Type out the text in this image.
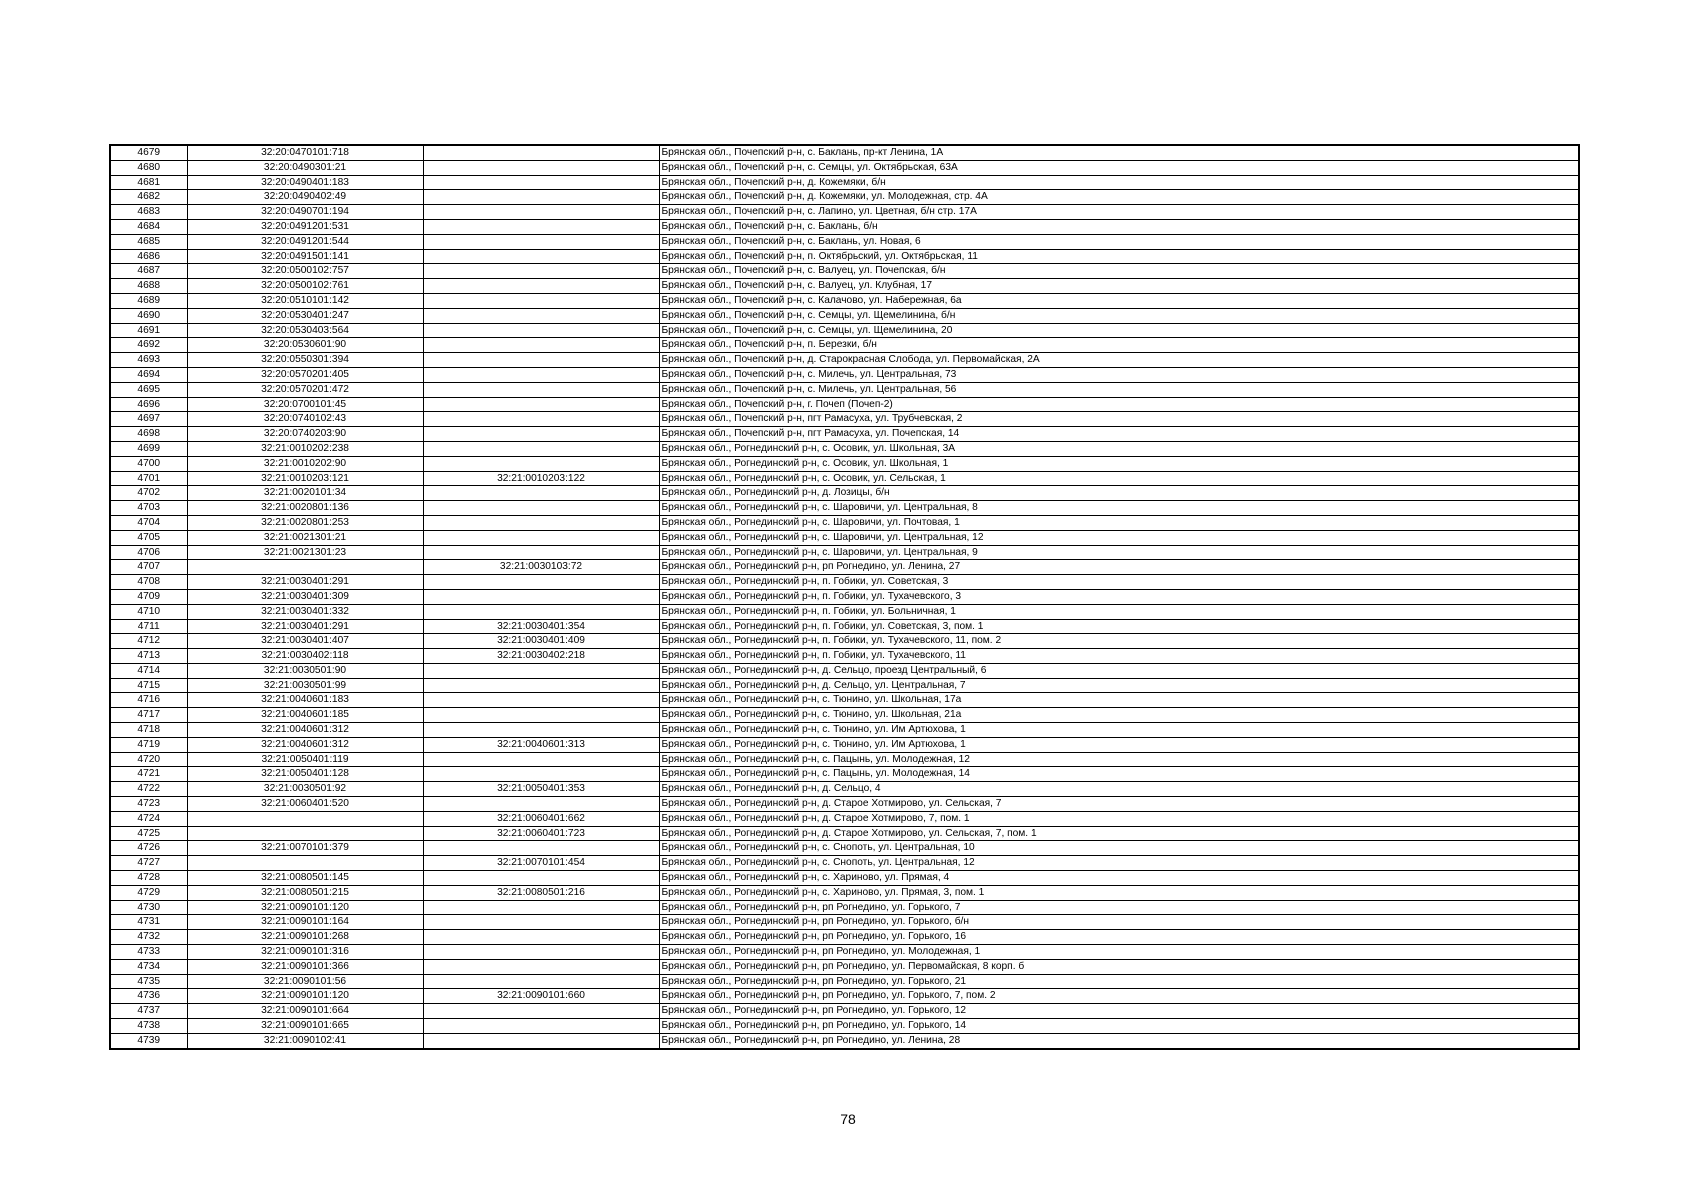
4679	32:20:0470101:718		Брянская обл., Почепский р-н, с. Баклань, пр-кт Ленина, 1А
4680	32:20:0490301:21		Брянская обл., Почепский р-н, с. Семцы, ул. Октябрьская, 63А
4681	32:20:0490401:183		Брянская обл., Почепский р-н, д. Кожемяки, б/н
4682	32:20:0490402:49		Брянская обл., Почепский р-н, д. Кожемяки, ул. Молодежная, стр. 4А
4683	32:20:0490701:194		Брянская обл., Почепский р-н, с. Лапино, ул. Цветная, б/н стр. 17А
4684	32:20:0491201:531		Брянская обл., Почепский р-н, с. Баклань, б/н
4685	32:20:0491201:544		Брянская обл., Почепский р-н, с. Баклань, ул. Новая, 6
4686	32:20:0491501:141		Брянская обл., Почепский р-н, п. Октябрьский, ул. Октябрьская, 11
4687	32:20:0500102:757		Брянская обл., Почепский р-н, с. Валуец, ул. Почепская, б/н
4688	32:20:0500102:761		Брянская обл., Почепский р-н, с. Валуец, ул. Клубная, 17
4689	32:20:0510101:142		Брянская обл., Почепский р-н, с. Калачово, ул. Набережная, 6а
4690	32:20:0530401:247		Брянская обл., Почепский р-н, с. Семцы, ул. Щемелинина, б/н
4691	32:20:0530403:564		Брянская обл., Почепский р-н, с. Семцы, ул. Щемелинина, 20
4692	32:20:0530601:90		Брянская обл., Почепский р-н, п. Березки, б/н
4693	32:20:0550301:394		Брянская обл., Почепский р-н, д. Старокрасная Слобода, ул. Первомайская, 2А
4694	32:20:0570201:405		Брянская обл., Почепский р-н, с. Милечь, ул. Центральная, 73
4695	32:20:0570201:472		Брянская обл., Почепский р-н, с. Милечь, ул. Центральная, 56
4696	32:20:0700101:45		Брянская обл., Почепский р-н, г. Почеп (Почеп-2)
4697	32:20:0740102:43		Брянская обл., Почепский р-н, пгт Рамасуха, ул. Трубчевская, 2
4698	32:20:0740203:90		Брянская обл., Почепский р-н, пгт Рамасуха, ул. Почепская, 14
4699	32:21:0010202:238		Брянская обл., Рогнединский р-н, с. Осовик, ул. Школьная, 3А
4700	32:21:0010202:90		Брянская обл., Рогнединский р-н, с. Осовик, ул. Школьная, 1
4701	32:21:0010203:121	32:21:0010203:122	Брянская обл., Рогнединский р-н, с. Осовик, ул. Сельская, 1
4702	32:21:0020101:34		Брянская обл., Рогнединский р-н, д. Лозицы, б/н
4703	32:21:0020801:136		Брянская обл., Рогнединский р-н, с. Шаровичи, ул. Центральная, 8
4704	32:21:0020801:253		Брянская обл., Рогнединский р-н, с. Шаровичи, ул. Почтовая, 1
4705	32:21:0021301:21		Брянская обл., Рогнединский р-н, с. Шаровичи, ул. Центральная, 12
4706	32:21:0021301:23		Брянская обл., Рогнединский р-н, с. Шаровичи, ул. Центральная, 9
4707		32:21:0030103:72	Брянская обл., Рогнединский р-н, рп Рогнедино, ул. Ленина, 27
4708	32:21:0030401:291		Брянская обл., Рогнединский р-н, п. Гобики, ул. Советская, 3
4709	32:21:0030401:309		Брянская обл., Рогнединский р-н, п. Гобики, ул. Тухачевского, 3
4710	32:21:0030401:332		Брянская обл., Рогнединский р-н, п. Гобики, ул. Больничная, 1
4711	32:21:0030401:291	32:21:0030401:354	Брянская обл., Рогнединский р-н, п. Гобики, ул. Советская, 3, пом. 1
4712	32:21:0030401:407	32:21:0030401:409	Брянская обл., Рогнединский р-н, п. Гобики, ул. Тухачевского, 11, пом. 2
4713	32:21:0030402:118	32:21:0030402:218	Брянская обл., Рогнединский р-н, п. Гобики, ул. Тухачевского, 11
4714	32:21:0030501:90		Брянская обл., Рогнединский р-н, д. Сельцо, проезд Центральный, 6
4715	32:21:0030501:99		Брянская обл., Рогнединский р-н, д. Сельцо, ул. Центральная, 7
4716	32:21:0040601:183		Брянская обл., Рогнединский р-н, с. Тюнино, ул. Школьная, 17а
4717	32:21:0040601:185		Брянская обл., Рогнединский р-н, с. Тюнино, ул. Школьная, 21а
4718	32:21:0040601:312		Брянская обл., Рогнединский р-н, с. Тюнино, ул. Им Артюхова, 1
4719	32:21:0040601:312	32:21:0040601:313	Брянская обл., Рогнединский р-н, с. Тюнино, ул. Им Артюхова, 1
4720	32:21:0050401:119		Брянская обл., Рогнединский р-н, с. Пацынь, ул. Молодежная, 12
4721	32:21:0050401:128		Брянская обл., Рогнединский р-н, с. Пацынь, ул. Молодежная, 14
4722	32:21:0030501:92	32:21:0050401:353	Брянская обл., Рогнединский р-н, д. Сельцо, 4
4723	32:21:0060401:520		Брянская обл., Рогнединский р-н, д. Старое Хотмирово, ул. Сельская, 7
4724		32:21:0060401:662	Брянская обл., Рогнединский р-н, д. Старое Хотмирово, 7, пом. 1
4725		32:21:0060401:723	Брянская обл., Рогнединский р-н, д. Старое Хотмирово, ул. Сельская, 7, пом. 1
4726	32:21:0070101:379		Брянская обл., Рогнединский р-н, с. Снопоть, ул. Центральная, 10
4727		32:21:0070101:454	Брянская обл., Рогнединский р-н, с. Снопоть, ул. Центральная, 12
4728	32:21:0080501:145		Брянская обл., Рогнединский р-н, с. Хариново, ул. Прямая, 4
4729	32:21:0080501:215	32:21:0080501:216	Брянская обл., Рогнединский р-н, с. Хариново, ул. Прямая, 3, пом. 1
4730	32:21:0090101:120		Брянская обл., Рогнединский р-н, рп Рогнедино, ул. Горького, 7
4731	32:21:0090101:164		Брянская обл., Рогнединский р-н, рп Рогнедино, ул. Горького, б/н
4732	32:21:0090101:268		Брянская обл., Рогнединский р-н, рп Рогнедино, ул. Горького, 16
4733	32:21:0090101:316		Брянская обл., Рогнединский р-н, рп Рогнедино, ул. Молодежная, 1
4734	32:21:0090101:366		Брянская обл., Рогнединский р-н, рп Рогнедино, ул. Первомайская, 8 корп. б
4735	32:21:0090101:56		Брянская обл., Рогнединский р-н, рп Рогнедино, ул. Горького, 21
4736	32:21:0090101:120	32:21:0090101:660	Брянская обл., Рогнединский р-н, рп Рогнедино, ул. Горького, 7, пом. 2
4737	32:21:0090101:664		Брянская обл., Рогнединский р-н, рп Рогнедино, ул. Горького, 12
4738	32:21:0090101:665		Брянская обл., Рогнединский р-н, рп Рогнедино, ул. Горького, 14
4739	32:21:0090102:41		Брянская обл., Рогнединский р-н, рп Рогнедино, ул. Ленина, 28
78
